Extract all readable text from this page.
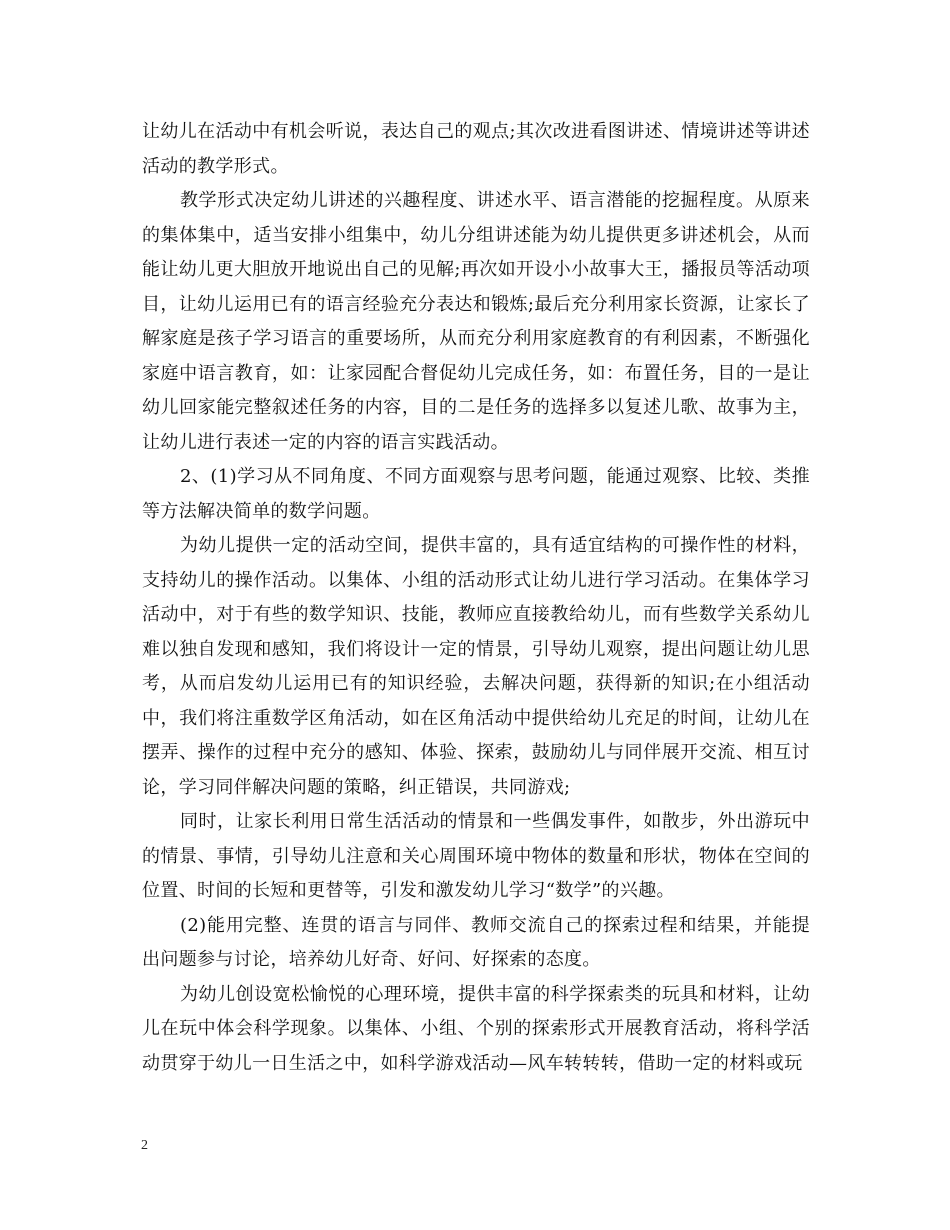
让幼儿在活动中有机会听说，表达自己的观点;其次改进看图讲述、情境讲述等讲述活动的教学形式。

教学形式决定幼儿讲述的兴趣程度、讲述水平、语言潜能的挖掘程度。从原来的集体集中，适当安排小组集中，幼儿分组讲述能为幼儿提供更多讲述机会，从而能让幼儿更大胆放开地说出自己的见解;再次如开设小小故事大王，播报员等活动项目，让幼儿运用已有的语言经验充分表达和锻炼;最后充分利用家长资源，让家长了解家庭是孩子学习语言的重要场所，从而充分利用家庭教育的有利因素，不断强化家庭中语言教育，如：让家园配合督促幼儿完成任务，如：布置任务，目的一是让幼儿回家能完整叙述任务的内容，目的二是任务的选择多以复述儿歌、故事为主，让幼儿进行表述一定的内容的语言实践活动。

2、(1)学习从不同角度、不同方面观察与思考问题，能通过观察、比较、类推等方法解决简单的数学问题。

为幼儿提供一定的活动空间，提供丰富的，具有适宜结构的可操作性的材料，支持幼儿的操作活动。以集体、小组的活动形式让幼儿进行学习活动。在集体学习活动中，对于有些的数学知识、技能，教师应直接教给幼儿，而有些数学关系幼儿难以独自发现和感知，我们将设计一定的情景，引导幼儿观察，提出问题让幼儿思考，从而启发幼儿运用已有的知识经验，去解决问题，获得新的知识;在小组活动中，我们将注重数学区角活动，如在区角活动中提供给幼儿充足的时间，让幼儿在摆弄、操作的过程中充分的感知、体验、探索，鼓励幼儿与同伴展开交流、相互讨论，学习同伴解决问题的策略，纠正错误，共同游戏;

同时，让家长利用日常生活活动的情景和一些偶发事件，如散步，外出游玩中的情景、事情，引导幼儿注意和关心周围环境中物体的数量和形状，物体在空间的位置、时间的长短和更替等，引发和激发幼儿学习“数学”的兴趣。

(2)能用完整、连贯的语言与同伴、教师交流自己的探索过程和结果，并能提出问题参与讨论，培养幼儿好奇、好问、好探索的态度。

为幼儿创设宽松愉悦的心理环境，提供丰富的科学探索类的玩具和材料，让幼儿在玩中体会科学现象。以集体、小组、个别的探索形式开展教育活动，将科学活动贯穿于幼儿一日生活之中，如科学游戏活动—风车转转转，借助一定的材料或玩

2
